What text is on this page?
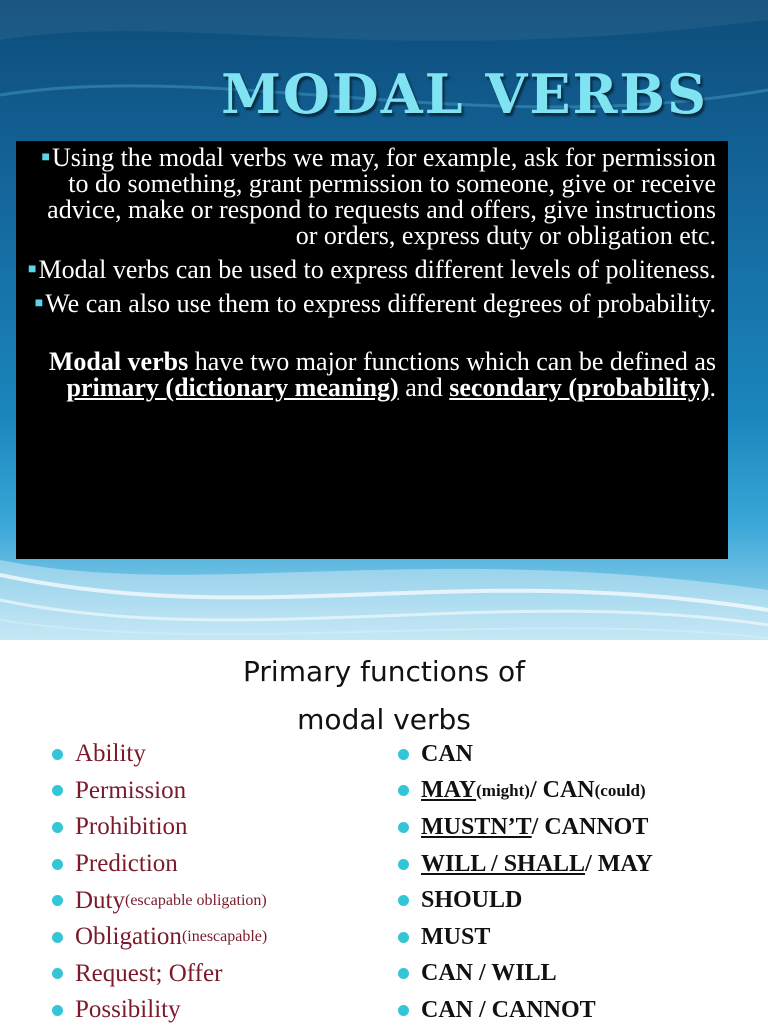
MODAL VERBS

■Using the modal verbs we may, for example, ask for permission to do something, grant permission to someone, give or receive advice, make or respond to requests and offers, give instructions or orders, express duty or obligation etc.

■Modal verbs can be used to express different levels of politeness.

■We can also use them to express different degrees of probability.

Modal verbs have two major functions which can be defined as primary (dictionary meaning) and secondary (probability).

Primary functions of
modal verbs
Ability
Permission
Prohibition
Prediction
Duty (escapable obligation)
Obligation (inescapable)
Request; Offer
Possibility
CAN
MAY (might) / CAN (could)
MUSTN’T / CANNOT
WILL / SHALL / MAY
SHOULD
MUST
CAN / WILL
CAN / CANNOT
